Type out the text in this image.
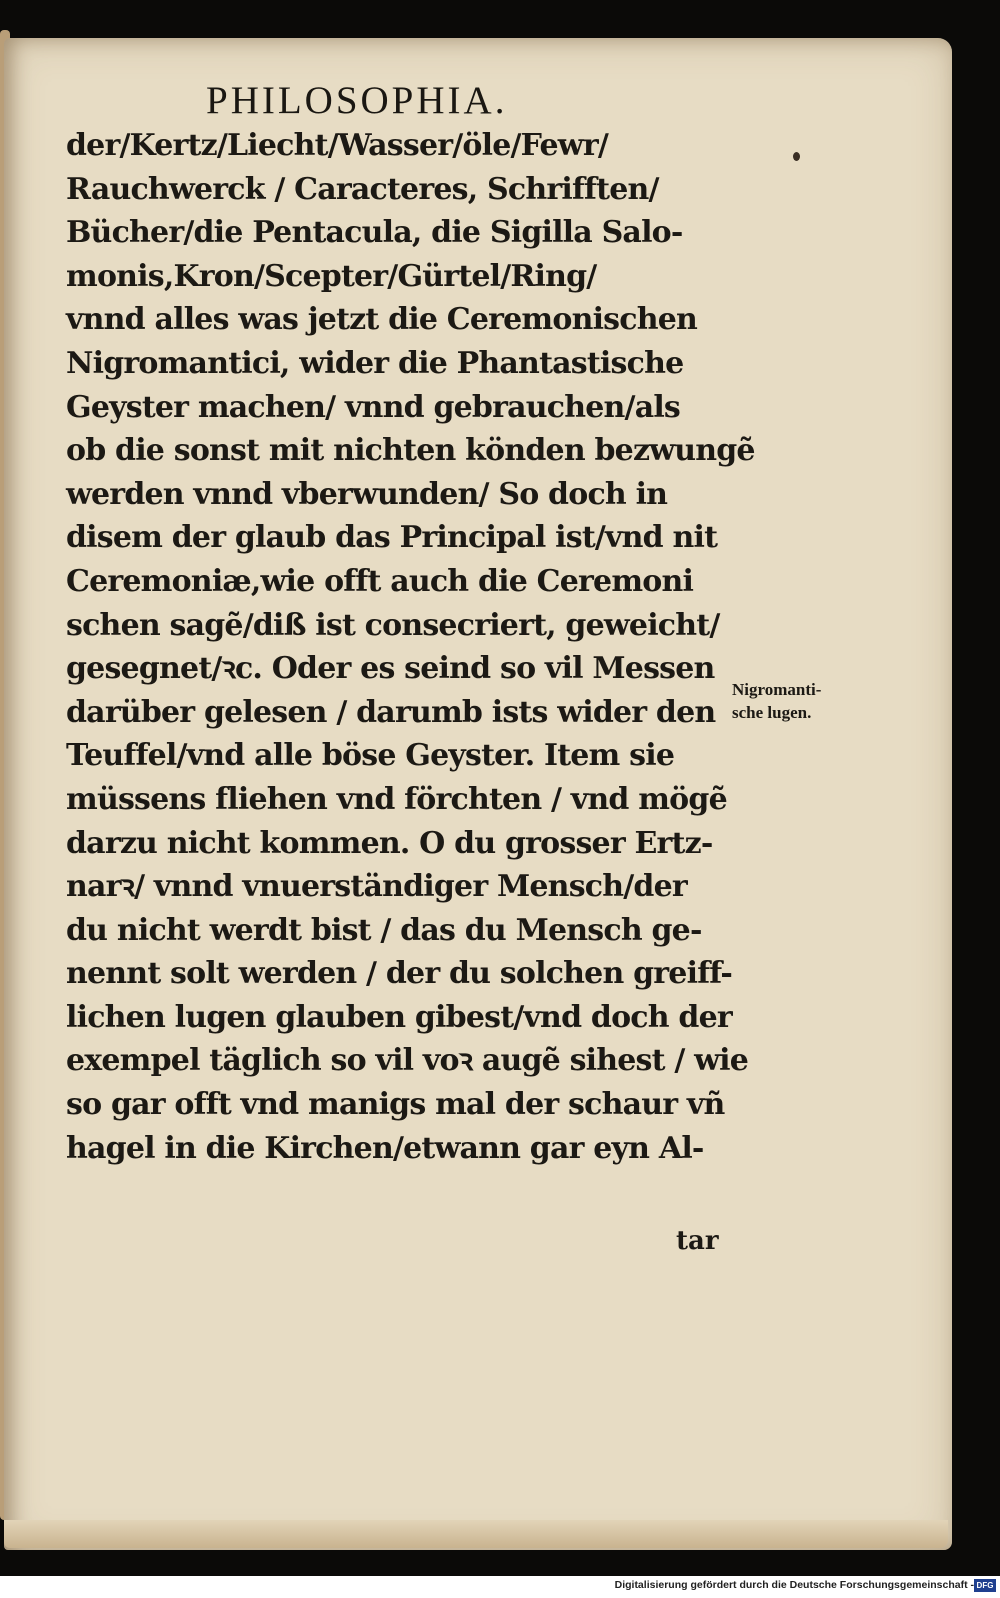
PHILOSOPHIA.
der/Kertz/Liecht/Wasser/öle/Fewr/
Rauchwerck / Caracteres, Schrifften/
Bücher/die Pentacula, die Sigilla Salo-
monis,Kron/Scepter/Gürtel/Ring/
vnnd alles was jetzt die Ceremonischen
Nigromantici, wider die Phantastische
Geyster machen/ vnnd gebrauchen/als
ob die sonst mit nichten könden bezwungẽ
werden vnnd vberwunden/ So doch in
disem der glaub das Principal ist/vnd nit
Ceremoniæ,wie offt auch die Ceremoni
schen sagẽ/diß ist consecriert, geweicht/
gesegnet/ꝛc. Oder es seind so vil Messen
darüber gelesen / darumb ists wider den
Teuffel/vnd alle böse Geyster. Item sie
müssens fliehen vnd förchten / vnd mögẽ
darzu nicht kommen. O du grosser Ertz-
narꝛ/ vnnd vnuerständiger Mensch/der
du nicht werdt bist / das du Mensch ge-
nennt solt werden / der du solchen greiff-
lichen lugen glauben gibest/vnd doch der
exempel täglich so vil voꝛ augẽ sihest / wie
so gar offt vnd manigs mal der schaur vñ
hagel in die Kirchen/etwann gar eyn Al-
tar
Nigromanti-
sche lugen.
Digitalisierung gefördert durch die Deutsche Forschungsgemeinschaft - DFG
